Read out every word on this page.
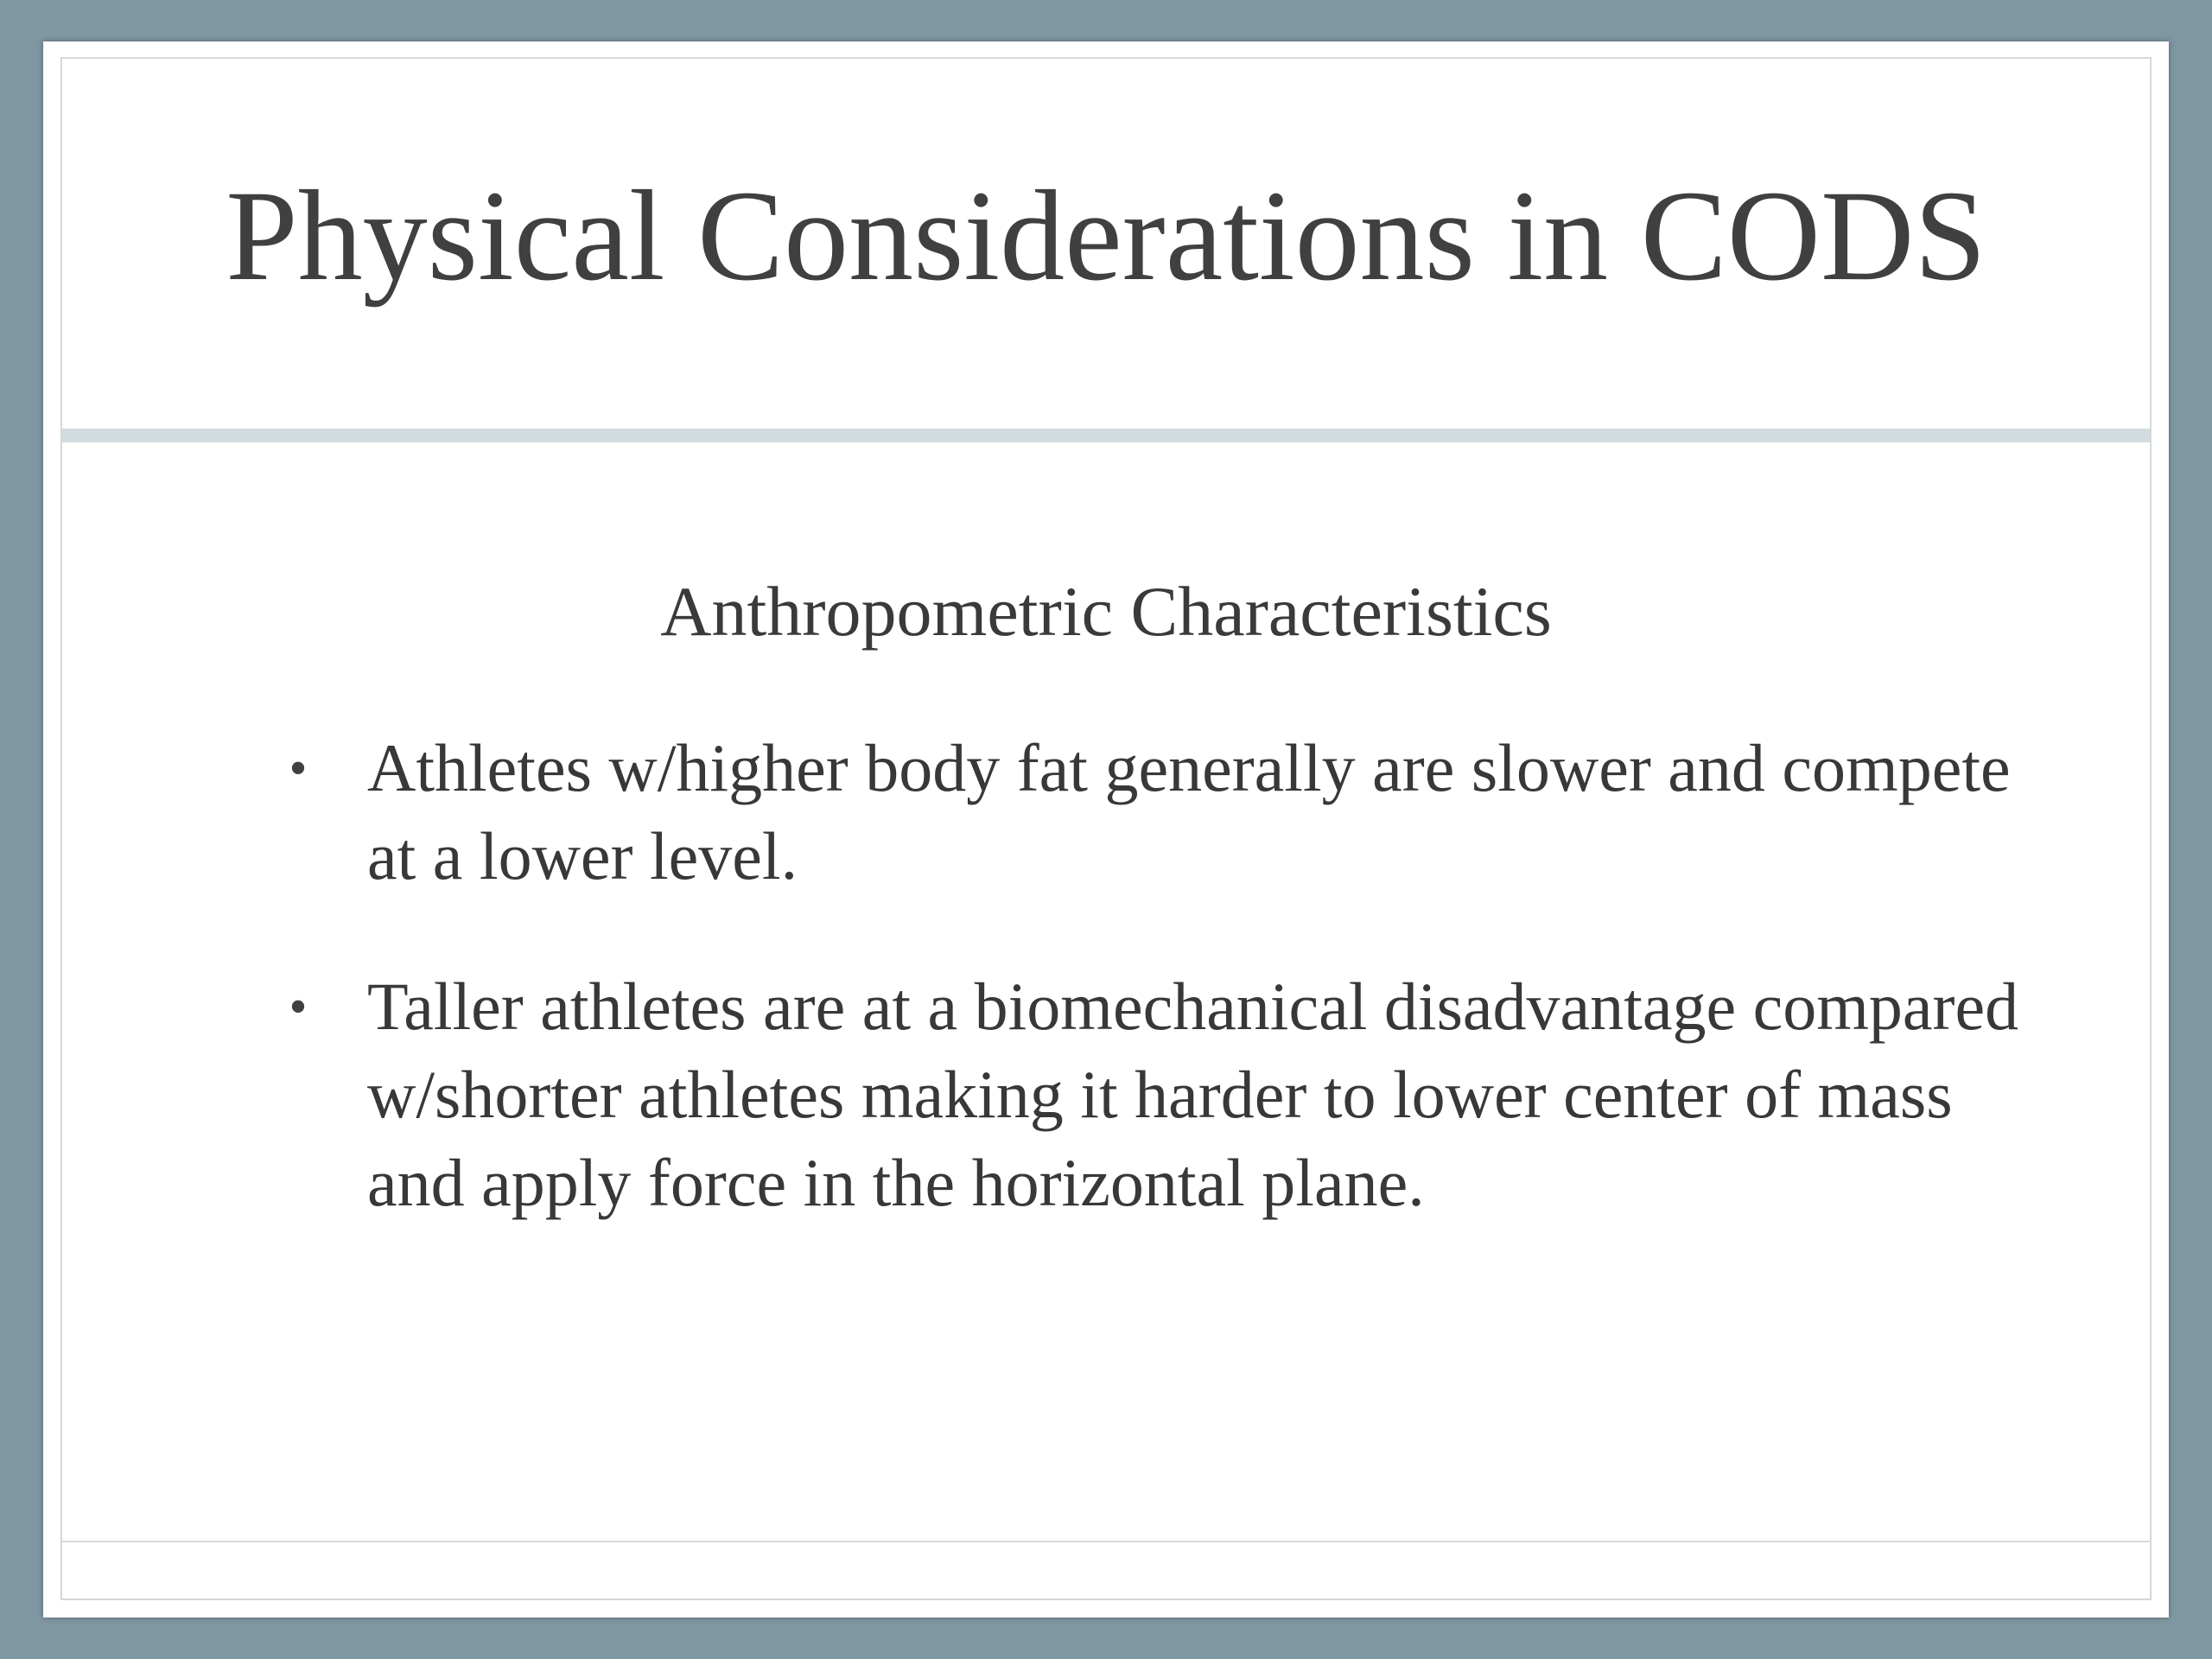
Physical Considerations in CODS
Anthropometric Characteristics
• Athletes w/higher body fat generally are slower and compete at a lower level.
• Taller athletes are at a biomechanical disadvantage compared w/shorter athletes making it harder to lower center of mass and apply force in the horizontal plane.
